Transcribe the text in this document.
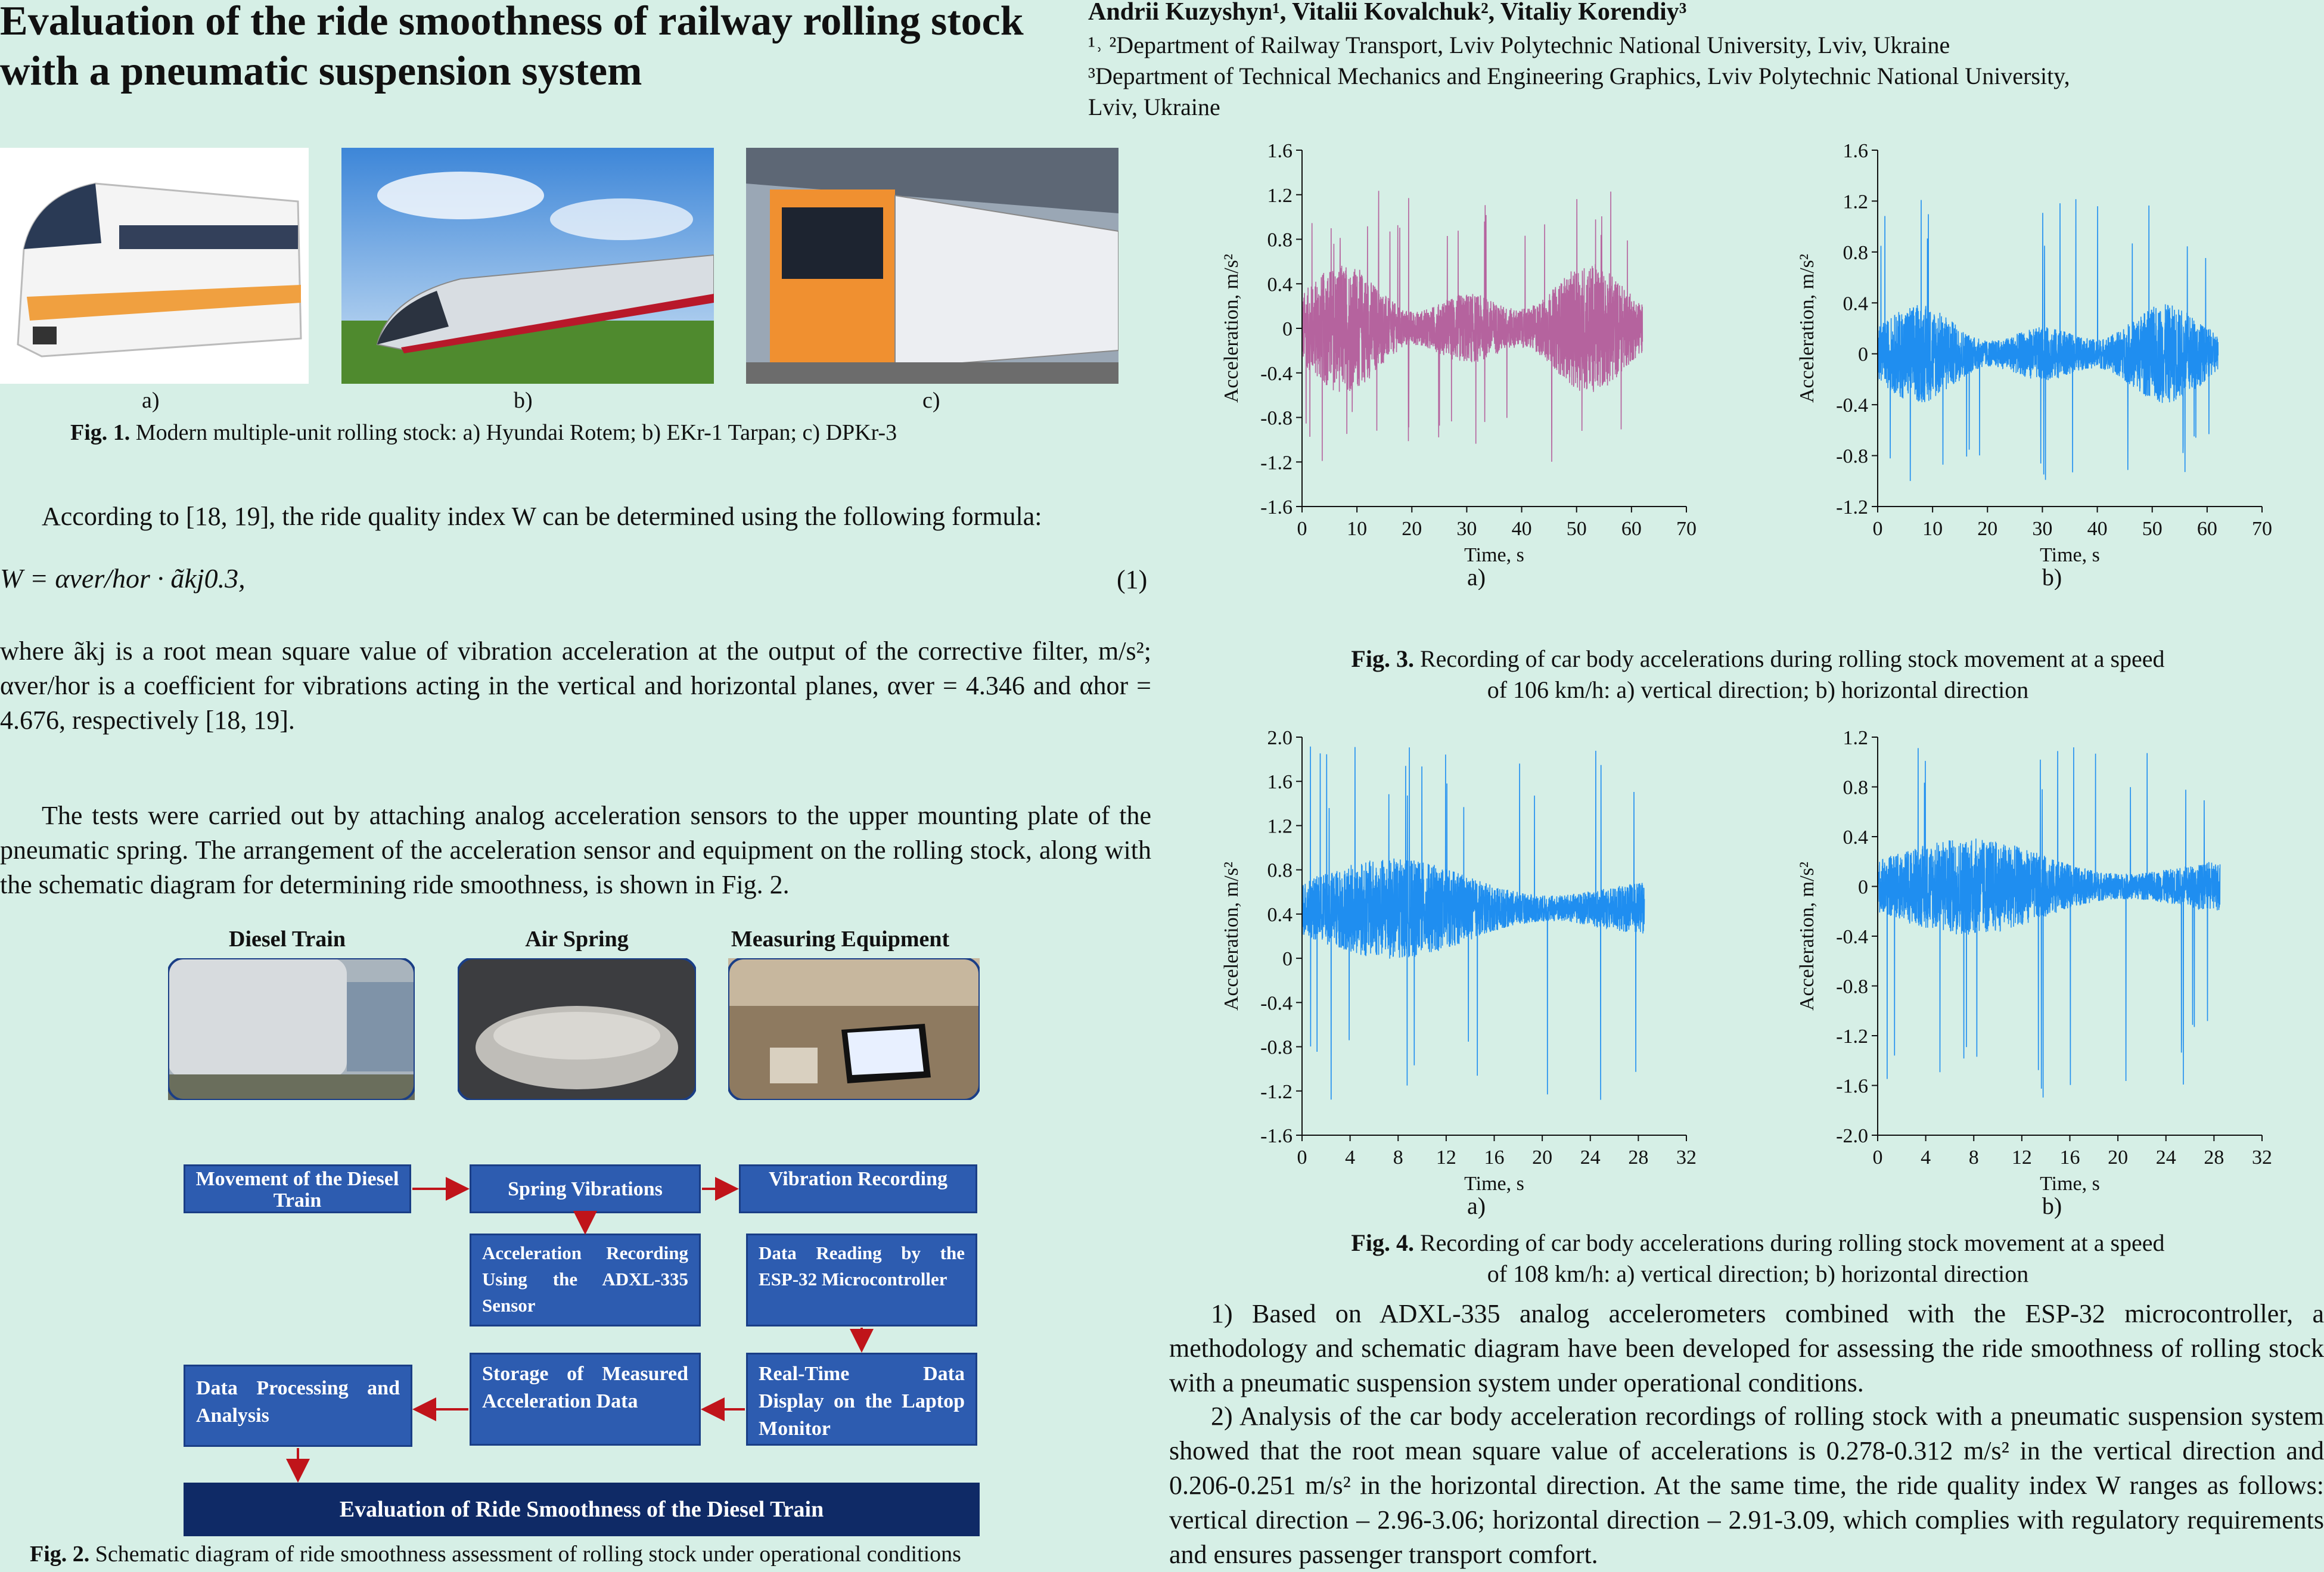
Evaluation of the ride smoothness of railway rolling stock with a pneumatic suspension system
Andrii Kuzyshyn¹, Vitalii Kovalchuk², Vitaliy Korendiy³
¹˒ ²Department of Railway Transport, Lviv Polytechnic National University, Lviv, Ukraine
³Department of Technical Mechanics and Engineering Graphics, Lviv Polytechnic National University,
Lviv, Ukraine
a)	b)	c)
Fig. 1. Modern multiple-unit rolling stock: a) Hyundai Rotem; b) EKr-1 Tarpan; c) DPKr-3
According to [18, 19], the ride quality index W can be determined using the following formula:
W = αver/hor · ãkj0.3,	(1)
where ãkj is a root mean square value of vibration acceleration at the output of the corrective filter, m/s²; αver/hor is a coefficient for vibrations acting in the vertical and horizontal planes, αver = 4.346 and αhor = 4.676, respectively [18, 19].
The tests were carried out by attaching analog acceleration sensors to the upper mounting plate of the pneumatic spring. The arrangement of the acceleration sensor and equipment on the rolling stock, along with the schematic diagram for determining ride smoothness, is shown in Fig. 2.
Diesel Train	Air Spring	Measuring Equipment
Movement of the Diesel Train
Spring Vibrations	Vibration Recording
Acceleration Recording Using the ADXL-335 Sensor
Data Reading by the ESP-32 Microcontroller
Real-Time Data Display on the Laptop Monitor
Storage of Measured Acceleration Data
Data Processing and Analysis
Evaluation of Ride Smoothness of the Diesel Train
Fig. 2. Schematic diagram of ride smoothness assessment of rolling stock under operational conditions
1.6
1.2
0.8
0.4
0
-0.4
-0.8
-1.2
-1.6
0 10 20 30 40 50 60 70
Time, s
Acceleration, m/s²
a)
1.6
1.2
0.8
0.4
0
-0.4
-0.8
-1.2
0 10 20 30 40 50 60 70
Time, s
Acceleration, m/s²
b)
Fig. 3. Recording of car body accelerations during rolling stock movement at a speed
of 106 km/h: a) vertical direction; b) horizontal direction
2.0
1.6
1.2
0.8
0.4
0
-0.4
-0.8
-1.2
-1.6
0 4 8 12 16 20 24 28 32
Time, s
Acceleration, m/s²
a)
1.2
0.8
0.4
0
-0.4
-0.8
-1.2
-1.6
-2.0
0 4 8 12 16 20 24 28 32
Time, s
Acceleration, m/s²
b)
Fig. 4. Recording of car body accelerations during rolling stock movement at a speed
of 108 km/h: a) vertical direction; b) horizontal direction
1) Based on ADXL-335 analog accelerometers combined with the ESP-32 microcontroller, a methodology and schematic diagram have been developed for assessing the ride smoothness of rolling stock with a pneumatic suspension system under operational conditions.
2) Analysis of the car body acceleration recordings of rolling stock with a pneumatic suspension system showed that the root mean square value of accelerations is 0.278-0.312 m/s² in the vertical direction and 0.206-0.251 m/s² in the horizontal direction. At the same time, the ride quality index W ranges as follows: vertical direction – 2.96-3.06; horizontal direction – 2.91-3.09, which complies with regulatory requirements and ensures passenger transport comfort.
